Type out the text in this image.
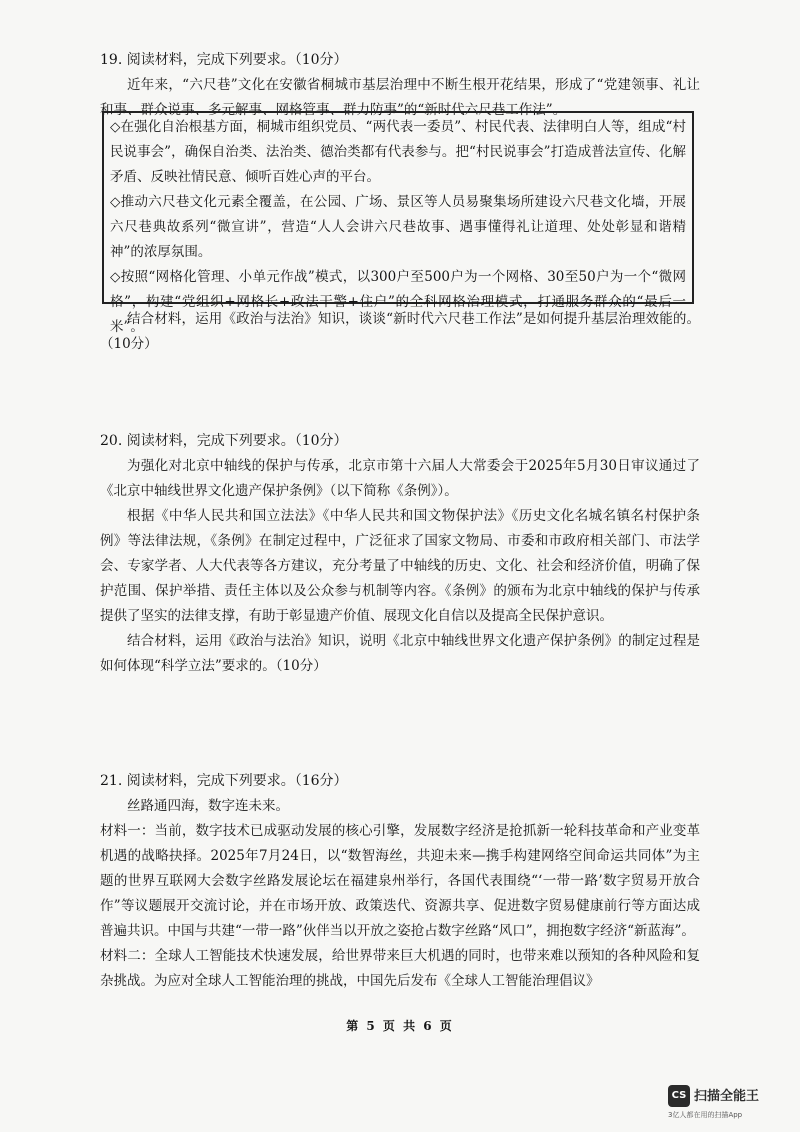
19. 阅读材料，完成下列要求。（10分）

近年来，“六尺巷”文化在安徽省桐城市基层治理中不断生根开花结果，形成了“党建领事、礼让和事、群众说事、多元解事、网格管事、群力防事”的“新时代六尺巷工作法”。

◇在强化自治根基方面，桐城市组织党员、“两代表一委员”、村民代表、法律明白人等，组成“村民说事会”，确保自治类、法治类、德治类都有代表参与。把“村民说事会”打造成普法宣传、化解矛盾、反映社情民意、倾听百姓心声的平台。

◇推动六尺巷文化元素全覆盖，在公园、广场、景区等人员易聚集场所建设六尺巷文化墙，开展六尺巷典故系列“微宣讲”，营造“人人会讲六尺巷故事、遇事懂得礼让道理、处处彰显和谐精神”的浓厚氛围。

◇按照“网格化管理、小单元作战”模式，以300户至500户为一个网格、30至50户为一个“微网格”，构建“党组织+网格长+政法干警+住户”的全科网格治理模式，打通服务群众的“最后一米”。

结合材料，运用《政治与法治》知识，谈谈“新时代六尺巷工作法”是如何提升基层治理效能的。（10分）

20. 阅读材料，完成下列要求。（10分）

为强化对北京中轴线的保护与传承，北京市第十六届人大常委会于2025年5月30日审议通过了《北京中轴线世界文化遗产保护条例》（以下简称《条例》）。

根据《中华人民共和国立法法》《中华人民共和国文物保护法》《历史文化名城名镇名村保护条例》等法律法规，《条例》在制定过程中，广泛征求了国家文物局、市委和市政府相关部门、市法学会、专家学者、人大代表等各方建议，充分考量了中轴线的历史、文化、社会和经济价值，明确了保护范围、保护举措、责任主体以及公众参与机制等内容。《条例》的颁布为北京中轴线的保护与传承提供了坚实的法律支撑，有助于彰显遗产价值、展现文化自信以及提高全民保护意识。

结合材料，运用《政治与法治》知识，说明《北京中轴线世界文化遗产保护条例》的制定过程是如何体现“科学立法”要求的。（10分）

21. 阅读材料，完成下列要求。（16分）

丝路通四海，数字连未来。

材料一：当前，数字技术已成驱动发展的核心引擎，发展数字经济是抢抓新一轮科技革命和产业变革机遇的战略抉择。2025年7月24日，以“数智海丝，共迎未来—携手构建网络空间命运共同体”为主题的世界互联网大会数字丝路发展论坛在福建泉州举行，各国代表围绕“‘一带一路’数字贸易开放合作”等议题展开交流讨论，并在市场开放、政策迭代、资源共享、促进数字贸易健康前行等方面达成普遍共识。中国与共建“一带一路”伙伴当以开放之姿抢占数字丝路“风口”，拥抱数字经济“新蓝海”。

材料二：全球人工智能技术快速发展，给世界带来巨大机遇的同时，也带来难以预知的各种风险和复杂挑战。为应对全球人工智能治理的挑战，中国先后发布《全球人工智能治理倡议》

第 5 页 共 6 页
CS 扫描全能王
3亿人都在用的扫描App
